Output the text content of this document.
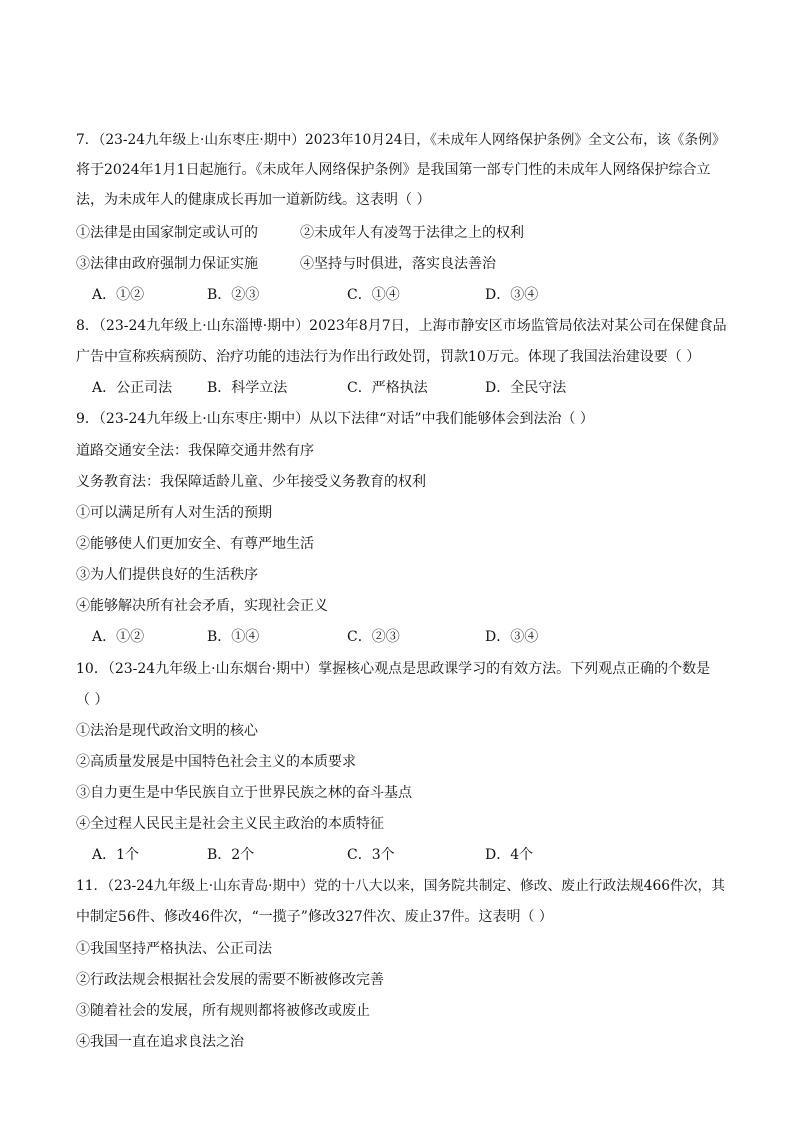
7．（23-24九年级上·山东枣庄·期中）2023年10月24日，《未成年人网络保护条例》全文公布，该《条例》
将于2024年1月1日起施行。《未成年人网络保护条例》是我国第一部专门性的未成年人网络保护综合立
法，为未成年人的健康成长再加一道新防线。这表明（ ）
①法律是由国家制定或认可的	②未成年人有凌驾于法律之上的权利
③法律由政府强制力保证实施	④坚持与时俱进，落实良法善治
A．①②	B．②③	C．①④	D．③④
8．（23-24九年级上·山东淄博·期中）2023年8月7日，上海市静安区市场监管局依法对某公司在保健食品
广告中宣称疾病预防、治疗功能的违法行为作出行政处罚，罚款10万元。体现了我国法治建设要（ ）
A．公正司法 B．科学立法	C．严格执法	D．全民守法
9．（23-24九年级上·山东枣庄·期中）从以下法律“对话”中我们能够体会到法治（ ）
道路交通安全法：我保障交通井然有序
义务教育法：我保障适龄儿童、少年接受义务教育的权利
①可以满足所有人对生活的预期
②能够使人们更加安全、有尊严地生活
③为人们提供良好的生活秩序
④能够解决所有社会矛盾，实现社会正义
A．①②	B．①④	C．②③	D．③④
10．（23-24九年级上·山东烟台·期中）掌握核心观点是思政课学习的有效方法。下列观点正确的个数是
（ ）
①法治是现代政治文明的核心
②高质量发展是中国特色社会主义的本质要求
③自力更生是中华民族自立于世界民族之林的奋斗基点
④全过程人民民主是社会主义民主政治的本质特征
A．1个	B．2个	C．3个	D．4个
11．（23-24九年级上·山东青岛·期中）党的十八大以来，国务院共制定、修改、废止行政法规466件次，其
中制定56件、修改46件次，“一揽子”修改327件次、废止37件。这表明（ ）
①我国坚持严格执法、公正司法
②行政法规会根据社会发展的需要不断被修改完善
③随着社会的发展，所有规则都将被修改或废止
④我国一直在追求良法之治
